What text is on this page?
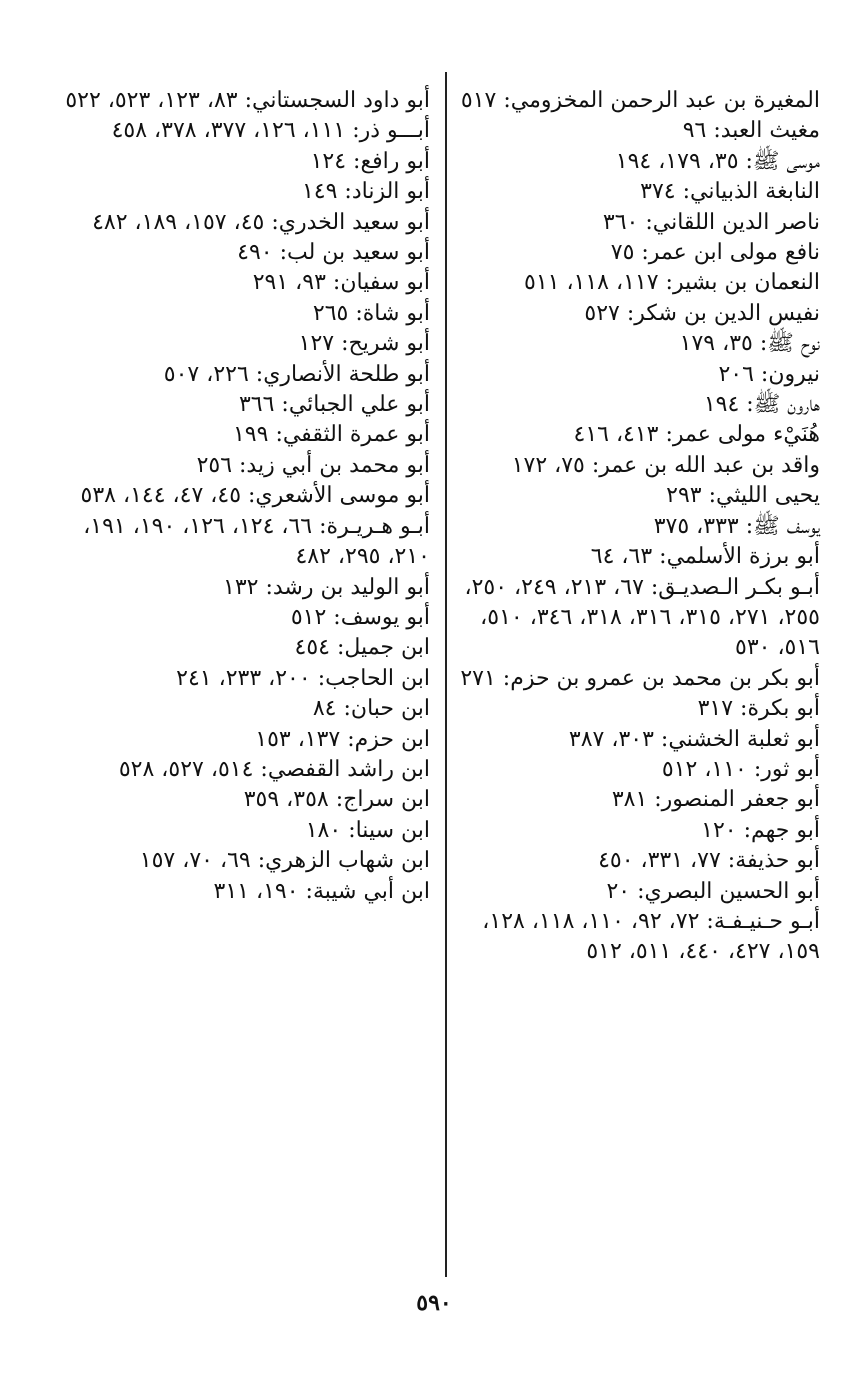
المغيرة بن عبد الرحمن المخزومي: ٥١٧

مغيث العبد: ٩٦

موسى ﷺ: ٣٥، ١٧٩، ١٩٤

النابغة الذبياني: ٣٧٤

ناصر الدين اللقاني: ٣٦٠

نافع مولى ابن عمر: ٧٥

النعمان بن بشير: ١١٧، ١١٨، ٥١١

نفيس الدين بن شكر: ٥٢٧

نوح ﷺ: ٣٥، ١٧٩

نيرون: ٢٠٦

هارون ﷺ: ١٩٤

هُنَيْء مولى عمر: ٤١٣، ٤١٦

واقد بن عبد الله بن عمر: ٧٥، ١٧٢

يحيى الليثي: ٢٩٣

يوسف ﷺ: ٣٣٣، ٣٧٥

أبو برزة الأسلمي: ٦٣، ٦٤

أبـو بكـر الـصديـق: ٦٧، ٢١٣، ٢٤٩، ٢٥٠، ٢٥٥، ٢٧١، ٣١٥، ٣١٦، ٣١٨، ٣٤٦، ٥١٠، ٥١٦، ٥٣٠

أبو بكر بن محمد بن عمرو بن حزم: ٢٧١

أبو بكرة: ٣١٧

أبو ثعلبة الخشني: ٣٠٣، ٣٨٧

أبو ثور: ١١٠، ٥١٢

أبو جعفر المنصور: ٣٨١

أبو جهم: ١٢٠

أبو حذيفة: ٧٧، ٣٣١، ٤٥٠

أبو الحسين البصري: ٢٠

أبـو حـنيـفـة: ٧٢، ٩٢، ١١٠، ١١٨، ١٢٨، ١٥٩، ٤٢٧، ٤٤٠، ٥١١، ٥١٢

أبو داود السجستاني: ٨٣، ١٢٣، ٥٢٣، ٥٢٢

أبـــو ذر: ١١١، ١٢٦، ٣٧٧، ٣٧٨، ٤٥٨

أبو رافع: ١٢٤

أبو الزناد: ١٤٩

أبو سعيد الخدري: ٤٥، ١٥٧، ١٨٩، ٤٨٢

أبو سعيد بن لب: ٤٩٠

أبو سفيان: ٩٣، ٢٩١

أبو شاة: ٢٦٥

أبو شريح: ١٢٧

أبو طلحة الأنصاري: ٢٢٦، ٥٠٧

أبو علي الجبائي: ٣٦٦

أبو عمرة الثقفي: ١٩٩

أبو محمد بن أبي زيد: ٢٥٦

أبو موسى الأشعري: ٤٥، ٤٧، ١٤٤، ٥٣٨

أبـو هـريـرة: ٦٦، ١٢٤، ١٢٦، ١٩٠، ١٩١، ٢١٠، ٢٩٥، ٤٨٢

أبو الوليد بن رشد: ١٣٢

أبو يوسف: ٥١٢

ابن جميل: ٤٥٤

ابن الحاجب: ٢٠٠، ٢٣٣، ٢٤١

ابن حبان: ٨٤

ابن حزم: ١٣٧، ١٥٣

ابن راشد القفصي: ٥١٤، ٥٢٧، ٥٢٨

ابن سراج: ٣٥٨، ٣٥٩

ابن سينا: ١٨٠

ابن شهاب الزهري: ٦٩، ٧٠، ١٥٧

ابن أبي شيبة: ١٩٠، ٣١١

٥٩٠
